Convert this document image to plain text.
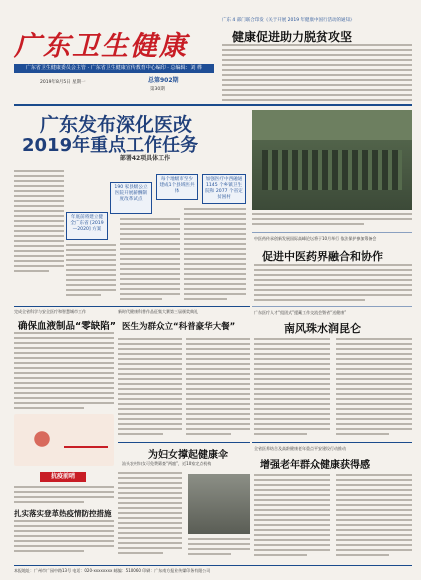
广东卫生健康
广东省卫生健康委员会主管 · 广东省卫生健康宣传教育中心编印 · 总编辑：刘 桦
2019年8月5日 星期一	总第902期
第30期
广东 4 部门联合印发《关于开展 2019 年健康中国行活动的通知》
健康促进助力脱贫攻坚
广东发布深化医改
2019年重点工作任务
部署42项具体工作
190 家县级公立医院开展薪酬制度改革试点
每个地级市至少建成1个县域医共体
加强医疗中西融通 1145 个乡镇卫生院和 2077 个省定贫困村
年底前将建立健全广东省 [2019—2020] 方案
中医药传承创新发展国际高峰论坛将于10月举行 依法保护参加筹备会
促进中医药界融合和协作
完成全省科学与安全医疗和智慧城市工作
确保血液制品“零缺陷”
新时代健康科普作品征集大赛第三届颁奖典礼
医生为群众立“科普豪华大餐”
广东医疗人才“组团式”援藏工作交流会暨省“送健康”
南风珠水润昆仑
抗疫前哨
扎实落实登革热疫情防控措施
为妇女撑起健康伞
汕头农村妇女可免费筛查“两癌”，近10家定点机构
全省医养结合及高龄健康老年重点平安建设行动推动
增强老年群众健康获得感
本报地址：广州市广园中路13号 电话：020-xxxxxxxx 邮编：510060 印刷：广东南方报业传媒印务有限公司
